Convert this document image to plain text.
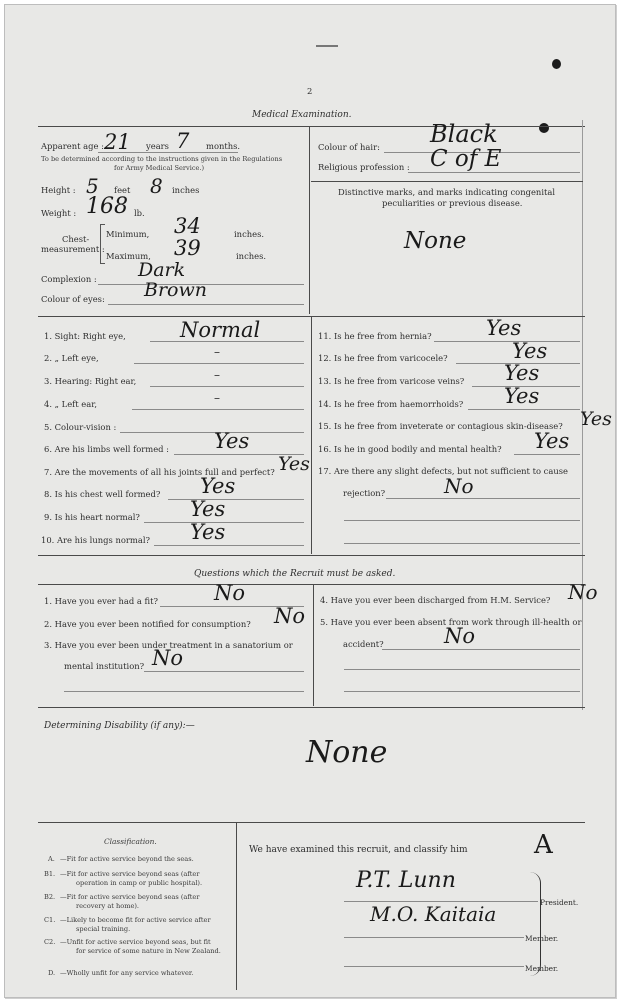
2
Medical Examination.
Apparent age : 21 years 7 months.
To be determined according to the instructions given in the Regulations
for Army Medical Service.)
Height : 5 feet 8 inches
Weight : 168 lb.
Chest-
measurement :
Minimum, 34	inches.
Maximum, 39	inches.
Complexion : Dark
Colour of eyes: Brown
Colour of hair: Black
Religious profession : C of E
Distinctive marks, and marks indicating congenital
peculiarities or previous disease.
None
1. Sight: Right eye,	Normal
2. „ Left eye,	–
3. Hearing: Right ear,	–
4. „ Left ear,	–
5. Colour-vision :
6. Are his limbs well formed : Yes
7. Are the movements of all his joints full and perfect? Yes
8. Is his chest well formed? Yes
9. Is his heart normal? Yes
10. Are his lungs normal? Yes
11. Is he free from hernia?	Yes
12. Is he free from varicocele?	Yes
13. Is he free from varicose veins? Yes
14. Is he free from haemorrhoids? Yes
15. Is he free from inveterate or contagious skin-disease? Yes
16. Is he in good bodily and mental health? Yes
17. Are there any slight defects, but not sufficient to cause
rejection?	No
Questions which the Recruit must be asked.
1. Have you ever had a fit?	No
2. Have you ever been notified for consumption? No
3. Have you ever been under treatment in a sanatorium or
mental institution? No
4. Have you ever been discharged from H.M. Service? No
5. Have you ever been absent from work through ill-health or
accident?	No
Determining Disability (if any):—
None
Classification.
A. —Fit for active service beyond the seas.
B1. —Fit for active service beyond seas (after
operation in camp or public hospital).
B2. —Fit for active service beyond seas (after
recovery at home).
C1. —Likely to become fit for active service after
special training.
C2. —Unfit for active service beyond seas, but fit
for service of some nature in New Zealand.
D. —Wholly unfit for any service whatever.
We have examined this recruit, and classify him	A
P.T. Lunn
M.O. Kaitaia	President.
Member.
Member.
